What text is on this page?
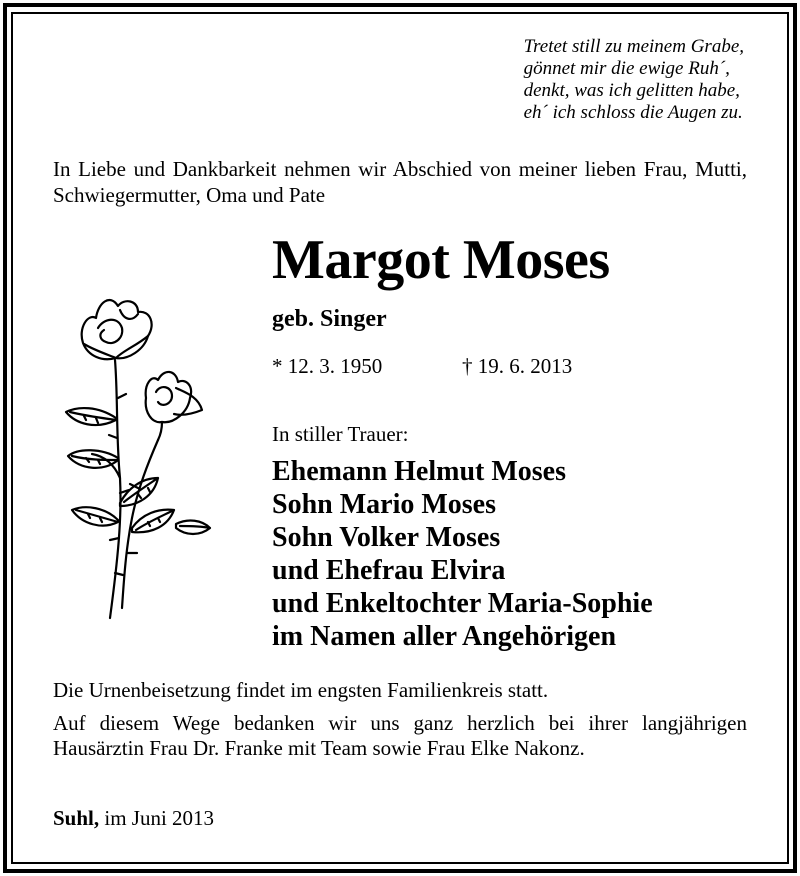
Tretet still zu meinem Grabe,
gönnet mir die ewige Ruh´,
denkt, was ich gelitten habe,
eh´ ich schloss die Augen zu.
In Liebe und Dankbarkeit nehmen wir Abschied von meiner lieben Frau, Mutti, Schwiegermutter, Oma und Pate
Margot Moses
geb. Singer
* 12. 3. 1950	† 19. 6. 2013
In stiller Trauer:
Ehemann Helmut Moses
Sohn Mario Moses
Sohn Volker Moses
und Ehefrau Elvira
und Enkeltochter Maria-Sophie
im Namen aller Angehörigen
Die Urnenbeisetzung findet im engsten Familienkreis statt.
Auf diesem Wege bedanken wir uns ganz herzlich bei ihrer langjährigen Hausärztin Frau Dr. Franke mit Team sowie Frau Elke Nakonz.
Suhl, im Juni 2013
